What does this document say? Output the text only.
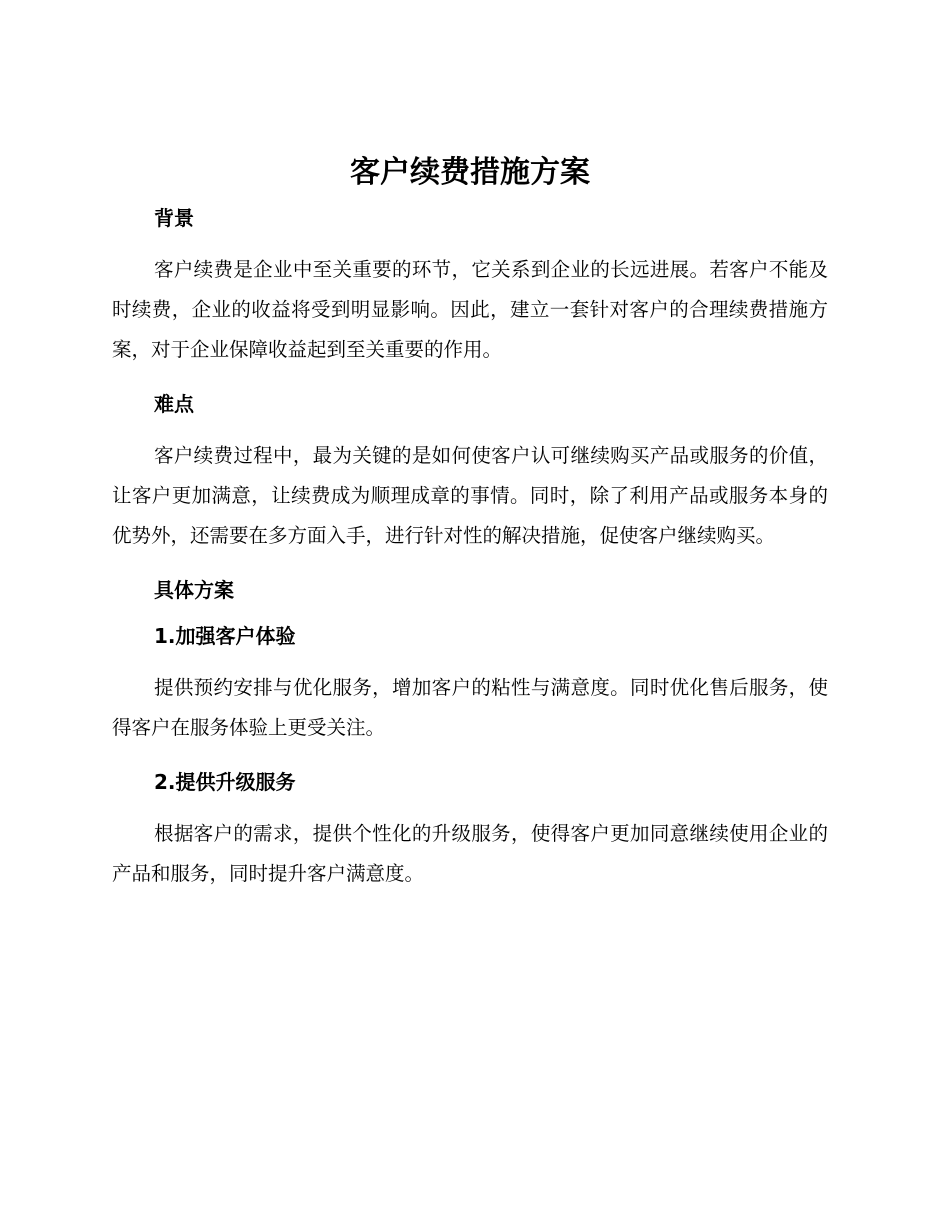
客户续费措施方案
背景

客户续费是企业中至关重要的环节，它关系到企业的长远进展。若客户不能及时续费，企业的收益将受到明显影响。因此，建立一套针对客户的合理续费措施方案，对于企业保障收益起到至关重要的作用。

难点

客户续费过程中，最为关键的是如何使客户认可继续购买产品或服务的价值，让客户更加满意，让续费成为顺理成章的事情。同时，除了利用产品或服务本身的优势外，还需要在多方面入手，进行针对性的解决措施，促使客户继续购买。

具体方案
1.加强客户体验

提供预约安排与优化服务，增加客户的粘性与满意度。同时优化售后服务，使得客户在服务体验上更受关注。

2.提供升级服务

根据客户的需求，提供个性化的升级服务，使得客户更加同意继续使用企业的产品和服务，同时提升客户满意度。
